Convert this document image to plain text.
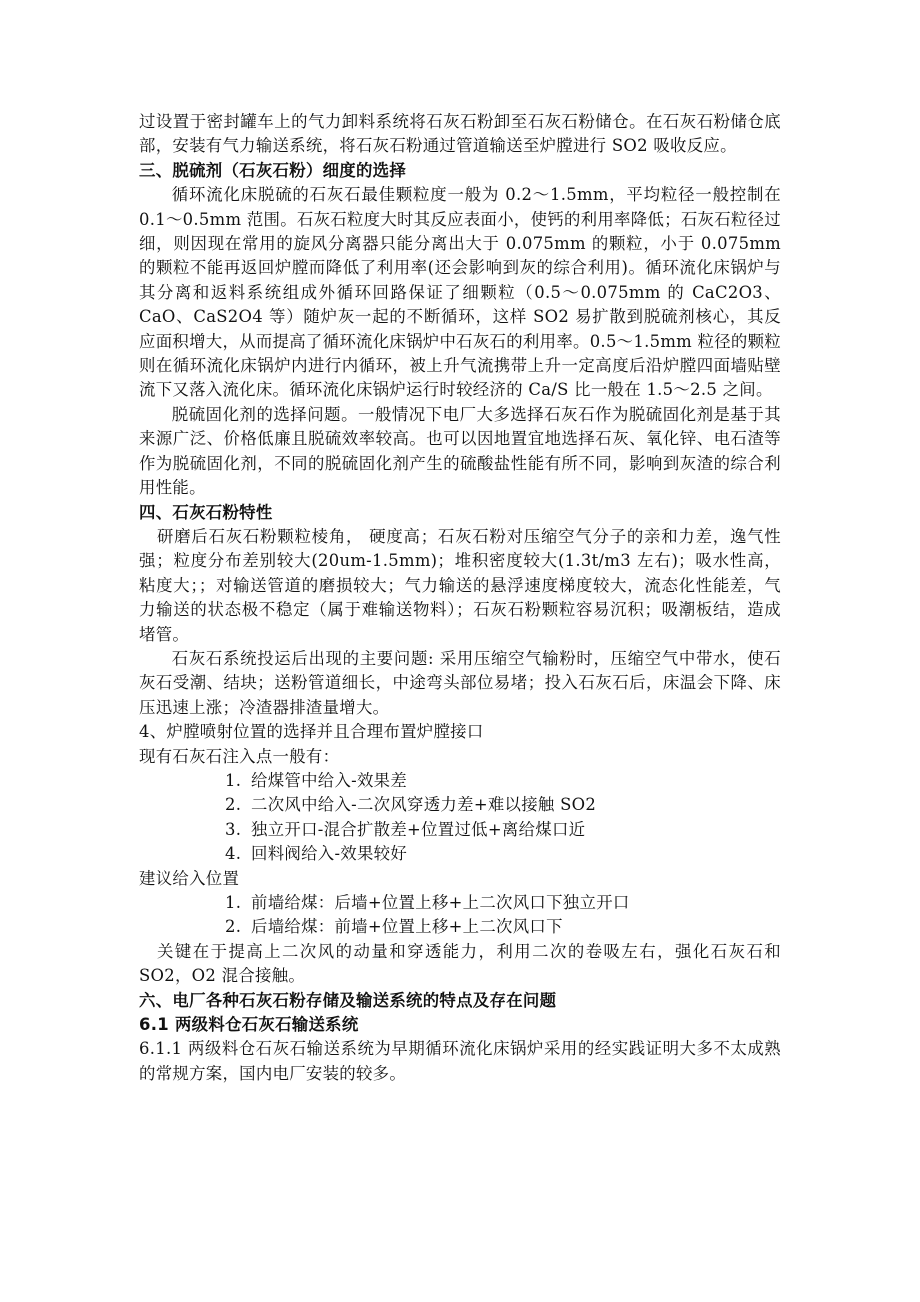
过设置于密封罐车上的气力卸料系统将石灰石粉卸至石灰石粉储仓。在石灰石粉储仓底部，安装有气力输送系统，将石灰石粉通过管道输送至炉膛进行 SO2 吸收反应。

三、脱硫剂（石灰石粉）细度的选择

循环流化床脱硫的石灰石最佳颗粒度一般为 0.2～1.5mm，平均粒径一般控制在 0.1～0.5mm 范围。石灰石粒度大时其反应表面小，使钙的利用率降低；石灰石粒径过细，则因现在常用的旋风分离器只能分离出大于 0.075mm 的颗粒，小于 0.075mm 的颗粒不能再返回炉膛而降低了利用率(还会影响到灰的综合利用)。循环流化床锅炉与其分离和返料系统组成外循环回路保证了细颗粒（0.5～0.075mm 的 CaC2O3、CaO、CaS2O4 等）随炉灰一起的不断循环，这样 SO2 易扩散到脱硫剂核心，其反应面积增大，从而提高了循环流化床锅炉中石灰石的利用率。0.5～1.5mm 粒径的颗粒则在循环流化床锅炉内进行内循环，被上升气流携带上升一定高度后沿炉膛四面墙贴壁流下又落入流化床。循环流化床锅炉运行时较经济的 Ca/S 比一般在 1.5～2.5 之间。

脱硫固化剂的选择问题。一般情况下电厂大多选择石灰石作为脱硫固化剂是基于其来源广泛、价格低廉且脱硫效率较高。也可以因地置宜地选择石灰、氧化锌、电石渣等作为脱硫固化剂，不同的脱硫固化剂产生的硫酸盐性能有所不同，影响到灰渣的综合利用性能。

四、石灰石粉特性

研磨后石灰石粉颗粒棱角， 硬度高；石灰石粉对压缩空气分子的亲和力差，逸气性强；粒度分布差别较大(20um-1.5mm)；堆积密度较大(1.3t/m3 左右)；吸水性高，粘度大；；对输送管道的磨损较大；气力输送的悬浮速度梯度较大，流态化性能差，气力输送的状态极不稳定（属于难输送物料）；石灰石粉颗粒容易沉积；吸潮板结，造成堵管。

石灰石系统投运后出现的主要问题: 采用压缩空气输粉时，压缩空气中带水，使石灰石受潮、结块；送粉管道细长，中途弯头部位易堵；投入石灰石后，床温会下降、床压迅速上涨；冷渣器排渣量增大。

4、炉膛喷射位置的选择并且合理布置炉膛接口

现有石灰石注入点一般有：

1. 给煤管中给入-效果差
2. 二次风中给入-二次风穿透力差+难以接触 SO2
3. 独立开口-混合扩散差+位置过低+离给煤口近
4. 回料阀给入-效果较好

建议给入位置

1. 前墙给煤：后墙+位置上移+上二次风口下独立开口
2. 后墙给煤：前墙+位置上移+上二次风口下

关键在于提高上二次风的动量和穿透能力，利用二次的卷吸左右，强化石灰石和 SO2，O2 混合接触。

六、电厂各种石灰石粉存储及输送系统的特点及存在问题
6.1 两级料仓石灰石输送系统

6.1.1 两级料仓石灰石输送系统为早期循环流化床锅炉采用的经实践证明大多不太成熟的常规方案，国内电厂安装的较多。
